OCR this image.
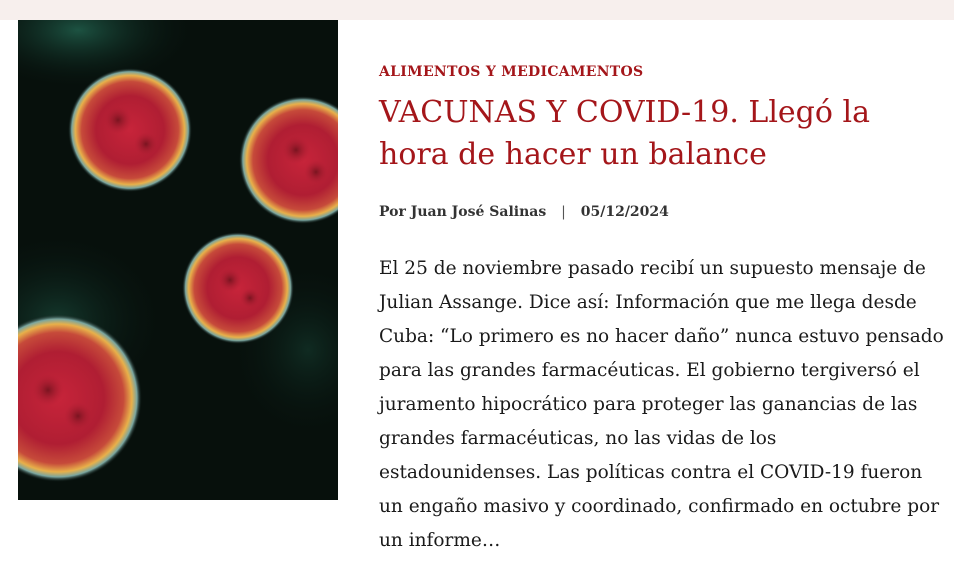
ALIMENTOS Y MEDICAMENTOS
VACUNAS Y COVID-19. Llegó la hora de hacer un balance
Por Juan José Salinas | 05/12/2024

El 25 de noviembre pasado recibí un supuesto mensaje de Julian Assange. Dice así: Información que me llega desde Cuba: “Lo primero es no hacer daño” nunca estuvo pensado para las grandes farmacéuticas. El gobierno tergiversó el juramento hipocrático para proteger las ganancias de las grandes farmacéuticas, no las vidas de los estadounidenses. Las políticas contra el COVID-19 fueron un engaño masivo y coordinado, confirmado en octubre por un informe…
